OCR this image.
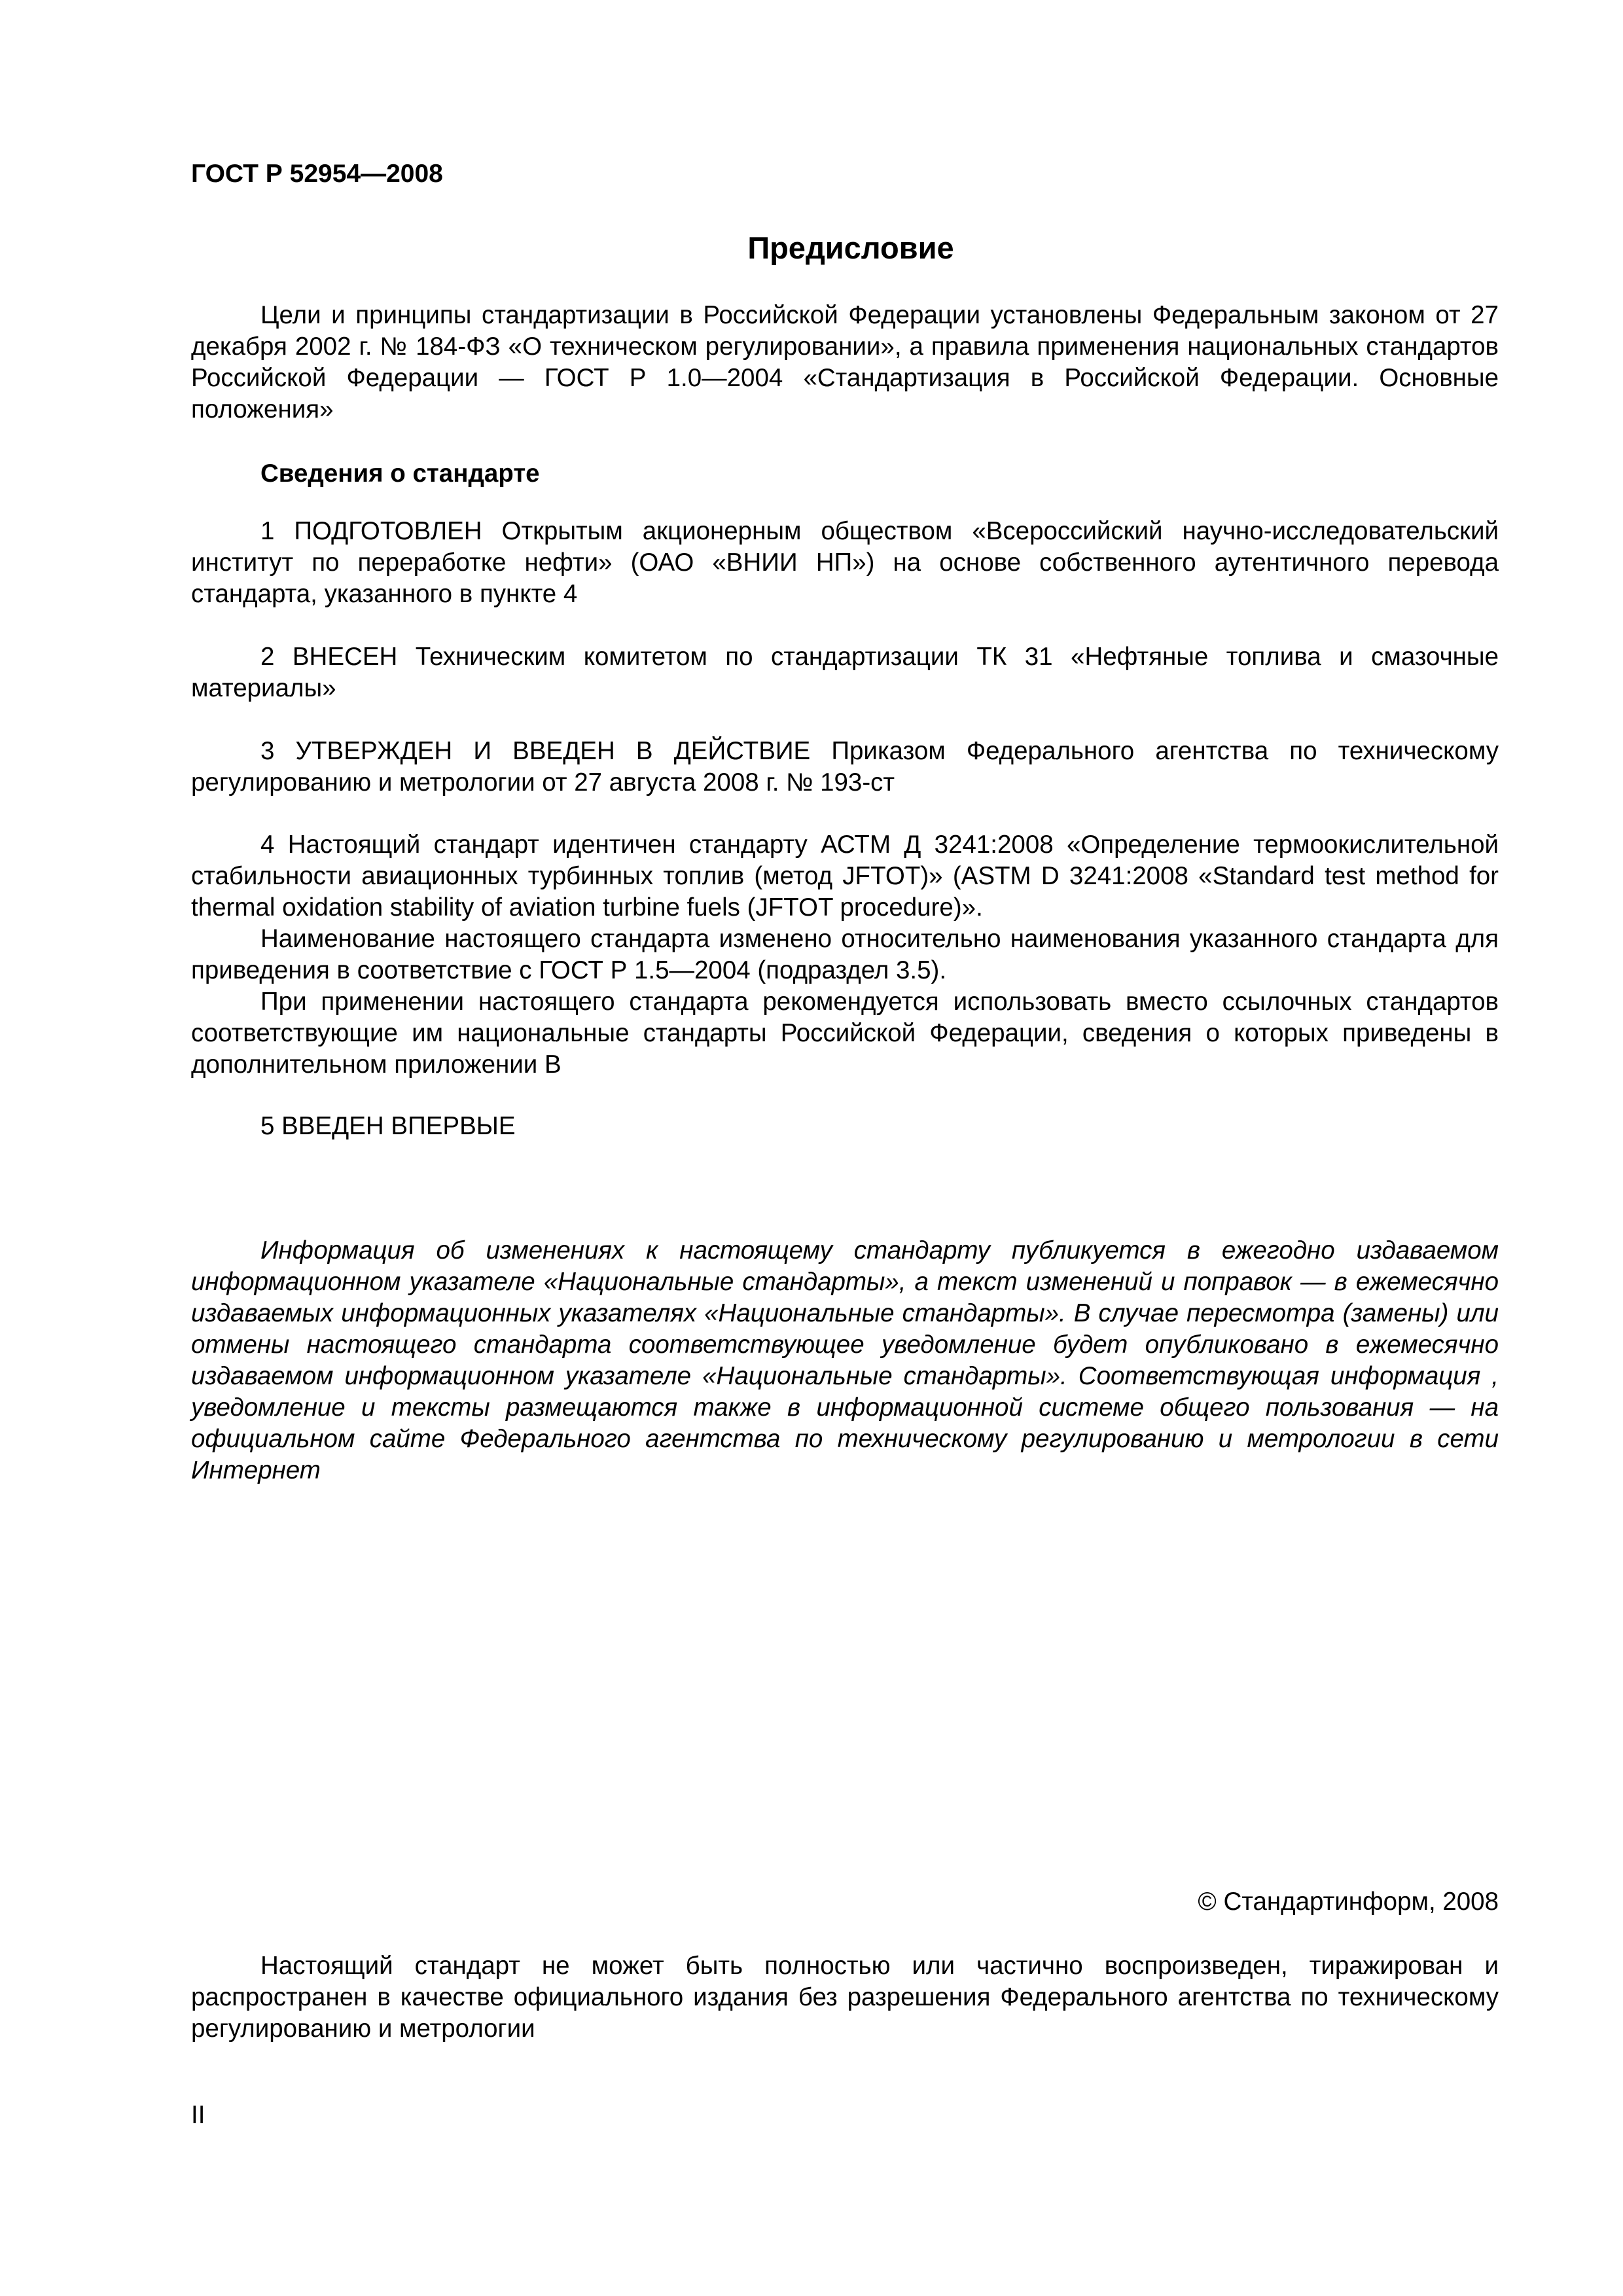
ГОСТ Р 52954—2008
Предисловие

Цели и принципы стандартизации в Российской Федерации установлены Федеральным законом от 27 декабря 2002 г. № 184-ФЗ «О техническом регулировании», а правила применения национальных стандартов Российской Федерации — ГОСТ Р 1.0—2004 «Стандартизация в Российской Федерации. Основные положения»

Сведения о стандарте

1 ПОДГОТОВЛЕН Открытым акционерным обществом «Всероссийский научно-исследовательский институт по переработке нефти» (ОАО «ВНИИ НП») на основе собственного аутентичного перевода стандарта, указанного в пункте 4

2 ВНЕСЕН Техническим комитетом по стандартизации ТК 31 «Нефтяные топлива и смазочные материалы»

3 УТВЕРЖДЕН И ВВЕДЕН В ДЕЙСТВИЕ Приказом Федерального агентства по техническому регулированию и метрологии от 27 августа 2008 г. № 193-ст

4 Настоящий стандарт идентичен стандарту АСТМ Д 3241:2008 «Определение термоокислительной стабильности авиационных турбинных топлив (метод JFTOT)» (ASTM D 3241:2008 «Standard test method for thermal oxidation stability of aviation turbine fuels (JFTOT procedure)».

Наименование настоящего стандарта изменено относительно наименования указанного стандарта для приведения в соответствие с ГОСТ Р 1.5—2004 (подраздел 3.5).

При применении настоящего стандарта рекомендуется использовать вместо ссылочных стандартов соответствующие им национальные стандарты Российской Федерации, сведения о которых приведены в дополнительном приложении В

5 ВВЕДЕН ВПЕРВЫЕ

Информация об изменениях к настоящему стандарту публикуется в ежегодно издаваемом информационном указателе «Национальные стандарты», а текст изменений и поправок — в ежемесячно издаваемых информационных указателях «Национальные стандарты». В случае пересмотра (замены) или отмены настоящего стандарта соответствующее уведомление будет опубликовано в ежемесячно издаваемом информационном указателе «Национальные стандарты». Соответствующая информация , уведомление и тексты размещаются также в информационной системе общего пользования — на официальном сайте Федерального агентства по техническому регулированию и метрологии в сети Интернет

© Стандартинформ, 2008

Настоящий стандарт не может быть полностью или частично воспроизведен, тиражирован и распространен в качестве официального издания без разрешения Федерального агентства по техническому регулированию и метрологии

II
